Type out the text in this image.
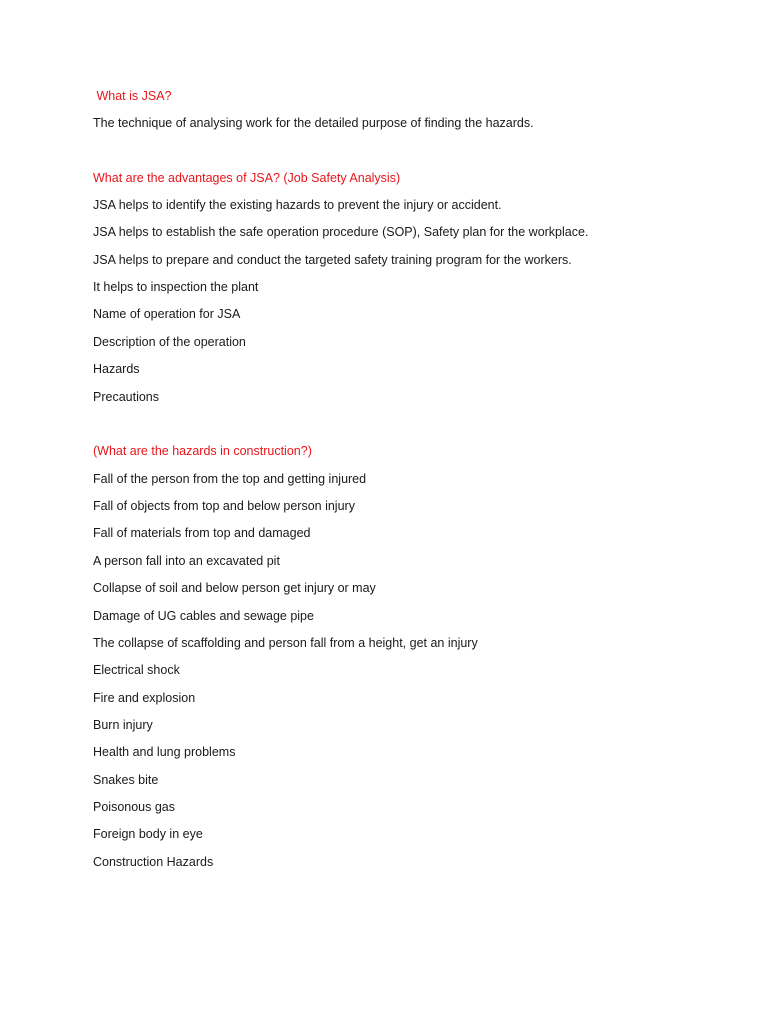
What is JSA?

The technique of analysing work for the detailed purpose of finding the hazards.

What are the advantages of JSA? (Job Safety Analysis)

JSA helps to identify the existing hazards to prevent the injury or accident.

JSA helps to establish the safe operation procedure (SOP), Safety plan for the workplace.

JSA helps to prepare and conduct the targeted safety training program for the workers.

It helps to inspection the plant

Name of operation for JSA

Description of the operation

Hazards

Precautions

(What are the hazards in construction?)

Fall of the person from the top and getting injured

Fall of objects from top and below person injury

Fall of materials from top and damaged

A person fall into an excavated pit

Collapse of soil and below person get injury or may

Damage of UG cables and sewage pipe

The collapse of scaffolding and person fall from a height, get an injury

Electrical shock

Fire and explosion

Burn injury

Health and lung problems

Snakes bite

Poisonous gas

Foreign body in eye

Construction Hazards
